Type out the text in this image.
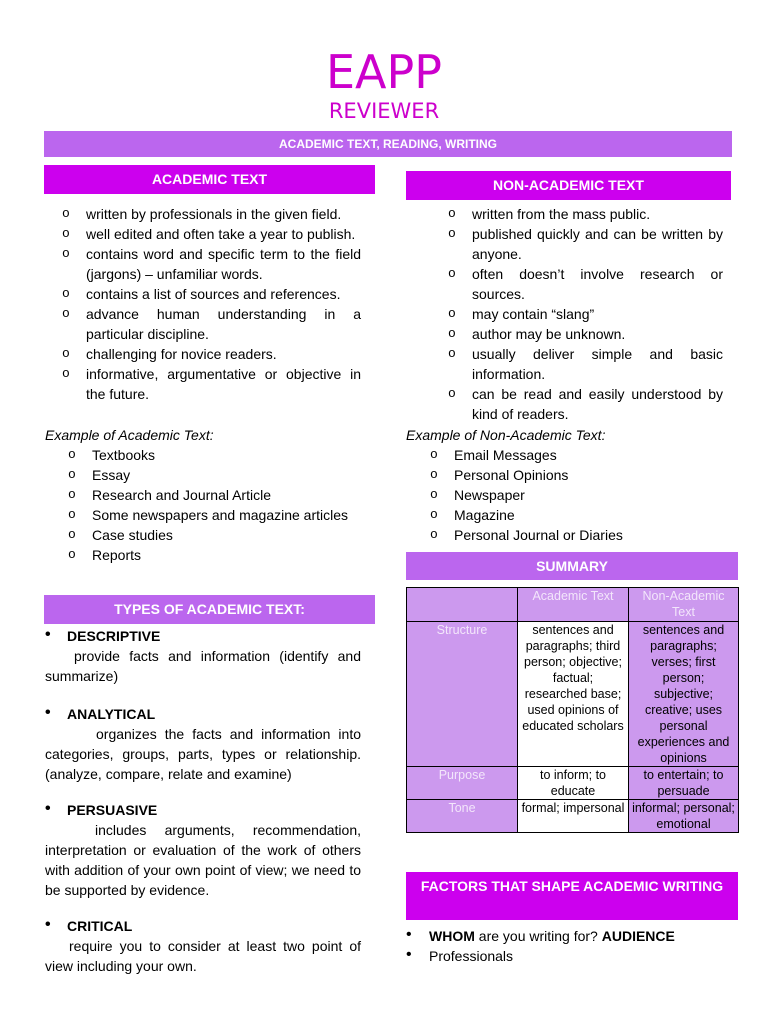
EAPP
REVIEWER
ACADEMIC TEXT, READING, WRITING
ACADEMIC TEXT
o written by professionals in the given field.
o well edited and often take a year to publish.
o contains word and specific term to the field (jargons) – unfamiliar words.
o contains a list of sources and references.
o advance human understanding in a particular discipline.
o challenging for novice readers.
o informative, argumentative or objective in the future.
Example of Academic Text:
o Textbooks
o Essay
o Research and Journal Article
o Some newspapers and magazine articles
o Case studies
o Reports
NON-ACADEMIC TEXT
o written from the mass public.
o published quickly and can be written by anyone.
o often doesn’t involve research or sources.
o may contain “slang”
o author may be unknown.
o usually deliver simple and basic information.
o can be read and easily understood by kind of readers.
Example of Non-Academic Text:
o Email Messages
o Personal Opinions
o Newspaper
o Magazine
o Personal Journal or Diaries
TYPES OF ACADEMIC TEXT:
• DESCRIPTIVE
provide facts and information (identify and summarize)
• ANALYTICAL
organizes the facts and information into categories, groups, parts, types or relationship. (analyze, compare, relate and examine)
• PERSUASIVE
includes arguments, recommendation, interpretation or evaluation of the work of others with addition of your own point of view; we need to be supported by evidence.
• CRITICAL
require you to consider at least two point of view including your own.
SUMMARY
	Academic Text	Non-Academic Text
Structure	sentences and paragraphs; third person; objective; factual; researched base; used opinions of educated scholars	sentences and paragraphs; verses; first person; subjective; creative; uses personal experiences and opinions
Purpose	to inform; to educate	to entertain; to persuade
Tone	formal; impersonal	informal; personal; emotional
FACTORS THAT SHAPE ACADEMIC WRITING
• WHOM are you writing for? AUDIENCE
• Professionals
